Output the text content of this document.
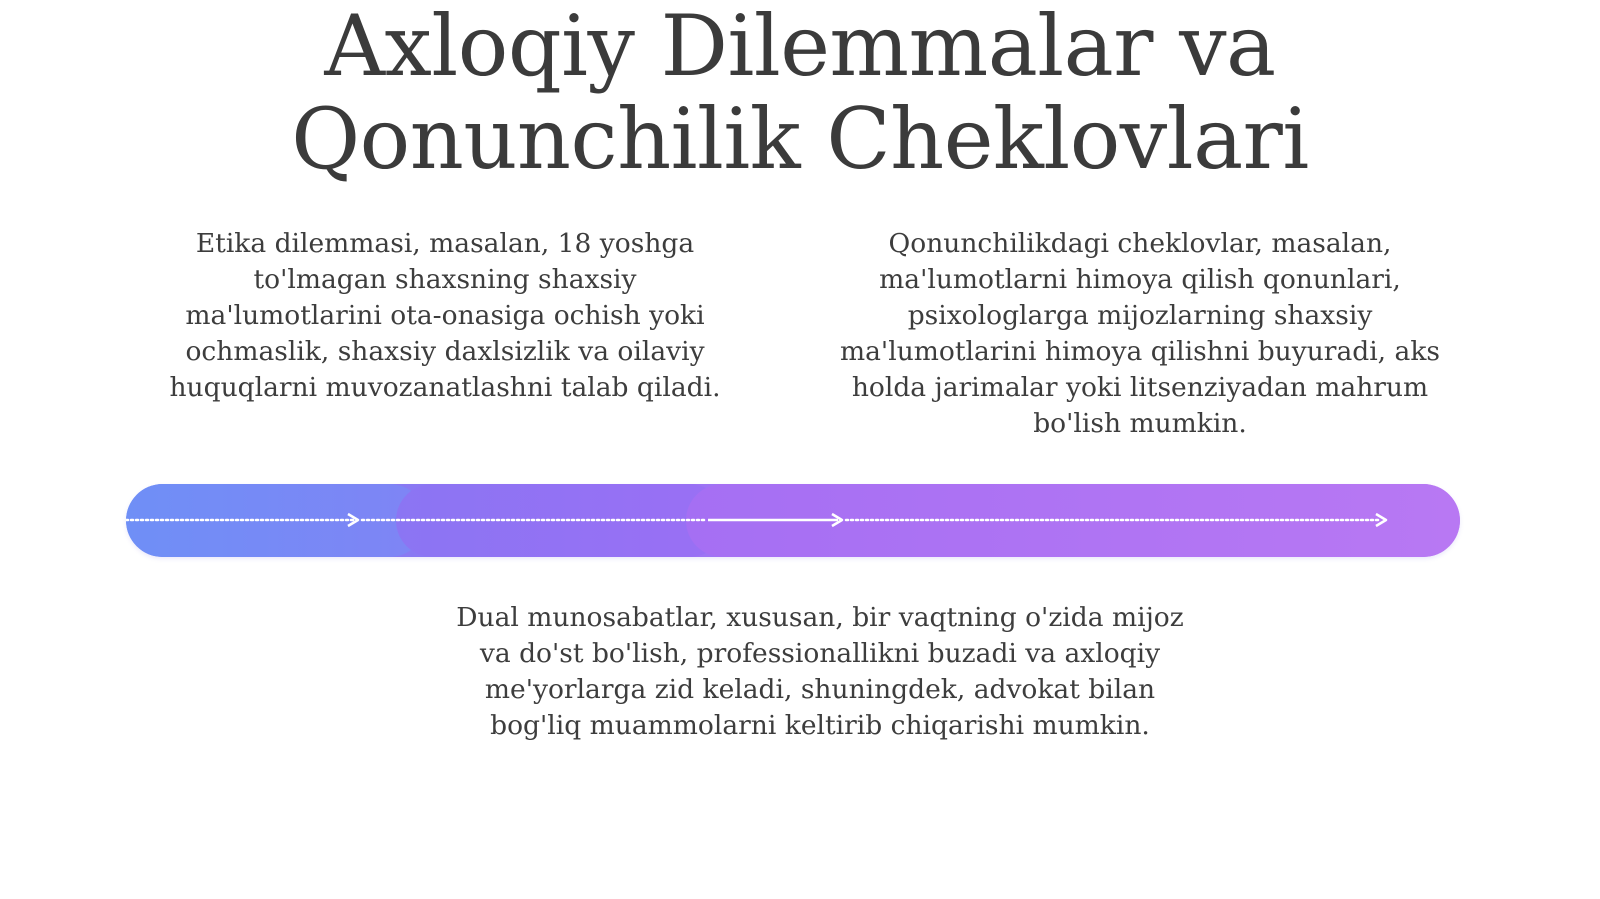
Axloqiy Dilemmalar va
Qonunchilik Cheklovlari

Etika dilemmasi, masalan, 18 yoshga to'lmagan shaxsning shaxsiy ma'lumotlarini ota-onasiga ochish yoki ochmaslik, shaxsiy daxlsizlik va oilaviy huquqlarni muvozanatlashni talab qiladi.

Qonunchilikdagi cheklovlar, masalan, ma'lumotlarni himoya qilish qonunlari, psixologlarga mijozlarning shaxsiy ma'lumotlarini himoya qilishni buyuradi, aks holda jarimalar yoki litsenziyadan mahrum bo'lish mumkin.

Dual munosabatlar, xususan, bir vaqtning o'zida mijoz va do'st bo'lish, professionallikni buzadi va axloqiy me'yorlarga zid keladi, shuningdek, advokat bilan bog'liq muammolarni keltirib chiqarishi mumkin.
